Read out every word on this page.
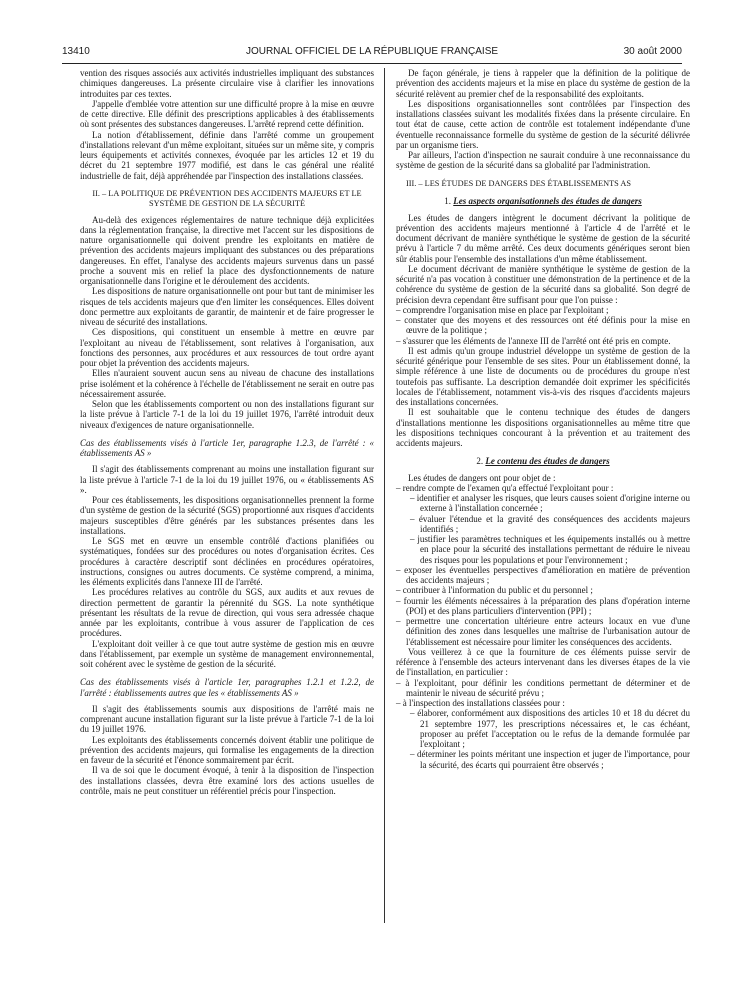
13410	JOURNAL OFFICIEL DE LA RÉPUBLIQUE FRANÇAISE	30 août 2000

vention des risques associés aux activités industrielles impliquant des substances chimiques dangereuses. La présente circulaire vise à clarifier les innovations introduites par ces textes.

J'appelle d'emblée votre attention sur une difficulté propre à la mise en œuvre de cette directive. Elle définit des prescriptions applicables à des établissements où sont présentes des substances dangereuses. L'arrêté reprend cette définition.

La notion d'établissement, définie dans l'arrêté comme un groupement d'installations relevant d'un même exploitant, situées sur un même site, y compris leurs équipements et activités connexes, évoquée par les articles 12 et 19 du décret du 21 septembre 1977 modifié, est dans le cas général une réalité industrielle de fait, déjà appréhendée par l'inspection des installations classées.

II. – LA POLITIQUE DE PRÉVENTION DES ACCIDENTS MAJEURS ET LE SYSTÈME DE GESTION DE LA SÉCURITÉ

Au-delà des exigences réglementaires de nature technique déjà explicitées dans la réglementation française, la directive met l'accent sur les dispositions de nature organisationnelle qui doivent prendre les exploitants en matière de prévention des accidents majeurs impliquant des substances ou des préparations dangereuses. En effet, l'analyse des accidents majeurs survenus dans un passé proche a souvent mis en relief la place des dysfonctionnements de nature organisationnelle dans l'origine et le déroulement des accidents.

Les dispositions de nature organisationnelle ont pour but tant de minimiser les risques de tels accidents majeurs que d'en limiter les conséquences. Elles doivent donc permettre aux exploitants de garantir, de maintenir et de faire progresser le niveau de sécurité des installations.

Ces dispositions, qui constituent un ensemble à mettre en œuvre par l'exploitant au niveau de l'établissement, sont relatives à l'organisation, aux fonctions des personnes, aux procédures et aux ressources de tout ordre ayant pour objet la prévention des accidents majeurs.

Elles n'auraient souvent aucun sens au niveau de chacune des installations prise isolément et la cohérence à l'échelle de l'établissement ne serait en outre pas nécessairement assurée.

Selon que les établissements comportent ou non des installations figurant sur la liste prévue à l'article 7-1 de la loi du 19 juillet 1976, l'arrêté introduit deux niveaux d'exigences de nature organisationnelle.

Cas des établissements visés à l'article 1er, paragraphe 1.2.3, de l'arrêté : « établissements AS »

Il s'agit des établissements comprenant au moins une installation figurant sur la liste prévue à l'article 7-1 de la loi du 19 juillet 1976, ou « établissements AS ».

Pour ces établissements, les dispositions organisationnelles prennent la forme d'un système de gestion de la sécurité (SGS) proportionné aux risques d'accidents majeurs susceptibles d'être générés par les substances présentes dans les installations.

Le SGS met en œuvre un ensemble contrôlé d'actions planifiées ou systématiques, fondées sur des procédures ou notes d'organisation écrites. Ces procédures à caractère descriptif sont déclinées en procédures opératoires, instructions, consignes ou autres documents. Ce système comprend, a minima, les éléments explicités dans l'annexe III de l'arrêté.

Les procédures relatives au contrôle du SGS, aux audits et aux revues de direction permettent de garantir la pérennité du SGS. La note synthétique présentant les résultats de la revue de direction, qui vous sera adressée chaque année par les exploitants, contribue à vous assurer de l'application de ces procédures.

L'exploitant doit veiller à ce que tout autre système de gestion mis en œuvre dans l'établissement, par exemple un système de management environnemental, soit cohérent avec le système de gestion de la sécurité.

Cas des établissements visés à l'article 1er, paragraphes 1.2.1 et 1.2.2, de l'arrêté : établissements autres que les « établissements AS »

Il s'agit des établissements soumis aux dispositions de l'arrêté mais ne comprenant aucune installation figurant sur la liste prévue à l'article 7-1 de la loi du 19 juillet 1976.

Les exploitants des établissements concernés doivent établir une politique de prévention des accidents majeurs, qui formalise les engagements de la direction en faveur de la sécurité et l'énonce sommairement par écrit.

Il va de soi que le document évoqué, à tenir à la disposition de l'inspection des installations classées, devra être examiné lors des actions usuelles de contrôle, mais ne peut constituer un référentiel précis pour l'inspection.

De façon générale, je tiens à rappeler que la définition de la politique de prévention des accidents majeurs et la mise en place du système de gestion de la sécurité relèvent au premier chef de la responsabilité des exploitants.

Les dispositions organisationnelles sont contrôlées par l'inspection des installations classées suivant les modalités fixées dans la présente circulaire. En tout état de cause, cette action de contrôle est totalement indépendante d'une éventuelle reconnaissance formelle du système de gestion de la sécurité délivrée par un organisme tiers.

Par ailleurs, l'action d'inspection ne saurait conduire à une reconnaissance du système de gestion de la sécurité dans sa globalité par l'administration.

III. – LES ÉTUDES DE DANGERS DES ÉTABLISSEMENTS AS
1. Les aspects organisationnels des études de dangers

Les études de dangers intègrent le document décrivant la politique de prévention des accidents majeurs mentionné à l'article 4 de l'arrêté et le document décrivant de manière synthétique le système de gestion de la sécurité prévu à l'article 7 du même arrêté. Ces deux documents génériques seront bien sûr établis pour l'ensemble des installations d'un même établissement.

Le document décrivant de manière synthétique le système de gestion de la sécurité n'a pas vocation à constituer une démonstration de la pertinence et de la cohérence du système de gestion de la sécurité dans sa globalité. Son degré de précision devra cependant être suffisant pour que l'on puisse :

– comprendre l'organisation mise en place par l'exploitant ;

– constater que des moyens et des ressources ont été définis pour la mise en œuvre de la politique ;

– s'assurer que les éléments de l'annexe III de l'arrêté ont été pris en compte.

Il est admis qu'un groupe industriel développe un système de gestion de la sécurité générique pour l'ensemble de ses sites. Pour un établissement donné, la simple référence à une liste de documents ou de procédures du groupe n'est toutefois pas suffisante. La description demandée doit exprimer les spécificités locales de l'établissement, notamment vis-à-vis des risques d'accidents majeurs des installations concernées.

Il est souhaitable que le contenu technique des études de dangers d'installations mentionne les dispositions organisationnelles au même titre que les dispositions techniques concourant à la prévention et au traitement des accidents majeurs.

2. Le contenu des études de dangers

Les études de dangers ont pour objet de :

– rendre compte de l'examen qu'a effectué l'exploitant pour :

– identifier et analyser les risques, que leurs causes soient d'origine interne ou externe à l'installation concernée ;

– évaluer l'étendue et la gravité des conséquences des accidents majeurs identifiés ;

– justifier les paramètres techniques et les équipements installés ou à mettre en place pour la sécurité des installations permettant de réduire le niveau des risques pour les populations et pour l'environnement ;

– exposer les éventuelles perspectives d'amélioration en matière de prévention des accidents majeurs ;

– contribuer à l'information du public et du personnel ;

– fournir les éléments nécessaires à la préparation des plans d'opération interne (POI) et des plans particuliers d'intervention (PPI) ;

– permettre une concertation ultérieure entre acteurs locaux en vue d'une définition des zones dans lesquelles une maîtrise de l'urbanisation autour de l'établissement est nécessaire pour limiter les conséquences des accidents.

Vous veillerez à ce que la fourniture de ces éléments puisse servir de référence à l'ensemble des acteurs intervenant dans les diverses étapes de la vie de l'installation, en particulier :

– à l'exploitant, pour définir les conditions permettant de déterminer et de maintenir le niveau de sécurité prévu ;

– à l'inspection des installations classées pour :

– élaborer, conformément aux dispositions des articles 10 et 18 du décret du 21 septembre 1977, les prescriptions nécessaires et, le cas échéant, proposer au préfet l'acceptation ou le refus de la demande formulée par l'exploitant ;

– déterminer les points méritant une inspection et juger de l'importance, pour la sécurité, des écarts qui pourraient être observés ;
